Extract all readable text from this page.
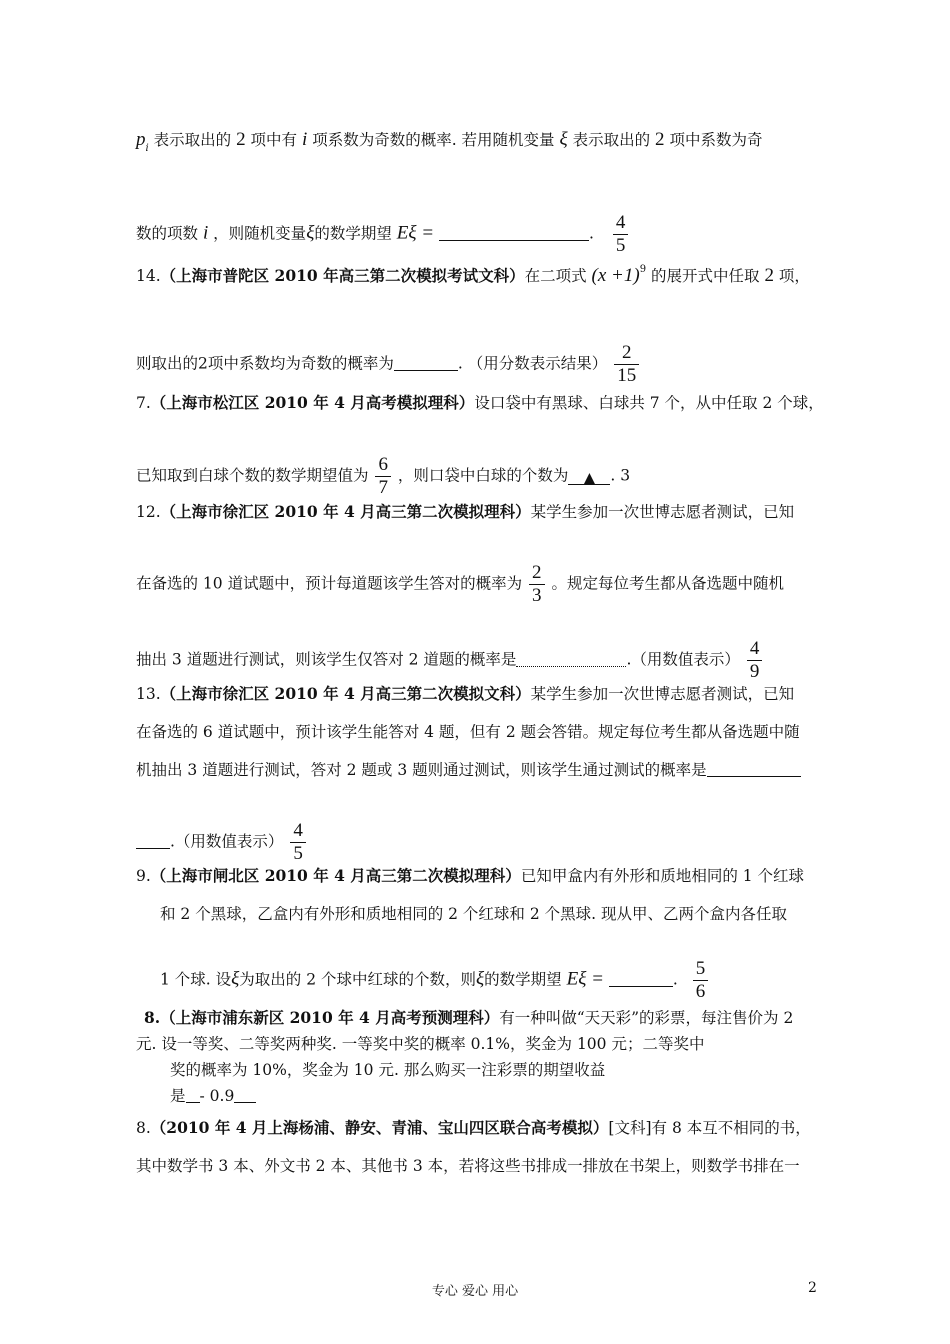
$p_i$ 表示取出的 2 项中有 i 项系数为奇数的概率. 若用随机变量 ξ 表示取出的 2 项中系数为奇
数的项数 i ，则随机变量ξ的数学期望 Eξ =	. $\frac{4}{5}$
14.（上海市普陀区 2010 年高三第二次模拟考试文科）在二项式 $(x +1)^9$ 的展开式中任取 2 项，
则取出的2项中系数均为奇数的概率为	. （用分数表示结果） $\frac{2}{15}$
7.（上海市松江区 2010 年 4 月高考模拟理科）设口袋中有黑球、白球共 7 个，从中任取 2 个球，
已知取到白球个数的数学期望值为 $\frac{6}{7}$ ，则口袋中白球的个数为 ▲ . 3
12.（上海市徐汇区 2010 年 4 月高三第二次模拟理科）某学生参加一次世博志愿者测试，已知
在备选的 10 道试题中，预计每道题该学生答对的概率为 $\frac{2}{3}$ 。规定每位考生都从备选题中随机
抽出 3 道题进行测试，则该学生仅答对 2 道题的概率是	.（用数值表示） $\frac{4}{9}$
13.（上海市徐汇区 2010 年 4 月高三第二次模拟文科）某学生参加一次世博志愿者测试，已知
在备选的 6 道试题中，预计该学生能答对 4 题，但有 2 题会答错。规定每位考生都从备选题中随
机抽出 3 道题进行测试，答对 2 题或 3 题则通过测试，则该学生通过测试的概率是
.（用数值表示） $\frac{4}{5}$
9.（上海市闸北区 2010 年 4 月高三第二次模拟理科）已知甲盒内有外形和质地相同的 1 个红球
和 2 个黑球，乙盒内有外形和质地相同的 2 个红球和 2 个黑球. 现从甲、乙两个盒内各任取
1 个球. 设ξ为取出的 2 个球中红球的个数，则ξ的数学期望 Eξ =	. $\frac{5}{6}$
8.（上海市浦东新区 2010 年 4 月高考预测理科）有一种叫做“天天彩”的彩票，每注售价为 2
元. 设一等奖、二等奖两种奖. 一等奖中奖的概率 0.1%，奖金为 100 元；二等奖中
奖的概率为 10%，奖金为 10 元. 那么购买一注彩票的期望收益
是 - 0.9
8.（2010 年 4 月上海杨浦、静安、青浦、宝山四区联合高考模拟）[文科]有 8 本互不相同的书，
其中数学书 3 本、外文书 2 本、其他书 3 本，若将这些书排成一排放在书架上，则数学书排在一
专心 爱心 用心	2
